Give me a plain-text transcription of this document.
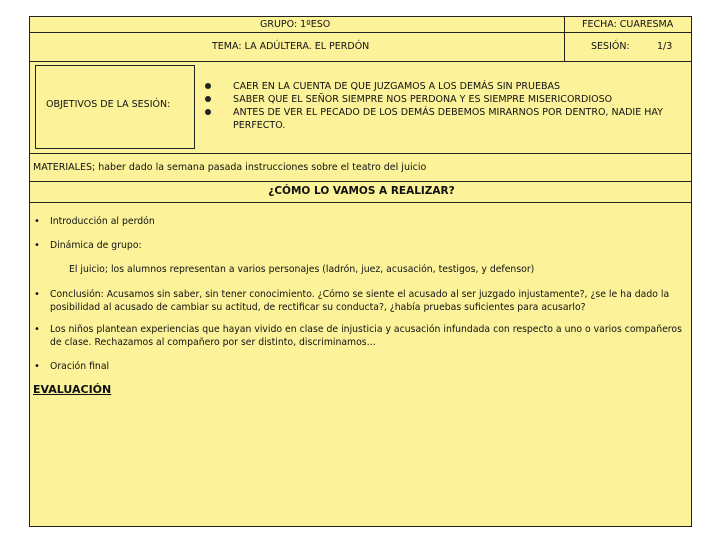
GRUPO: 1ºESO	FECHA: CUARESMA
TEMA: LA ADÚLTERA. EL PERDÓN	SESIÓN:	1/3
OBJETIVOS DE LA SESIÓN:
CAER EN LA CUENTA DE QUE JUZGAMOS A LOS DEMÁS SIN PRUEBAS
SABER QUE EL SEÑOR SIEMPRE NOS PERDONA Y ES SIEMPRE MISERICORDIOSO
ANTES DE VER EL PECADO DE LOS DEMÁS DEBEMOS MIRARNOS POR DENTRO, NADIE HAY PERFECTO.
MATERIALES; haber dado la semana pasada instrucciones sobre el teatro del juicio
¿CÓMO LO VAMOS A REALIZAR?
• Introducción al perdón
• Dinámica de grupo:
El juicio; los alumnos representan a varios personajes (ladrón, juez, acusación, testigos, y defensor)
• Conclusión: Acusamos sin saber, sin tener conocimiento. ¿Cómo se siente el acusado al ser juzgado injustamente?, ¿se le ha dado la posibilidad al acusado de cambiar su actitud, de rectificar su conducta?, ¿había pruebas suficientes para acusarlo?
• Los niños plantean experiencias que hayan vivido en clase de injusticia y acusación infundada con respecto a uno o varios compañeros de clase. Rechazamos al compañero por ser distinto, discriminamos…
• Oración final
EVALUACIÓN
